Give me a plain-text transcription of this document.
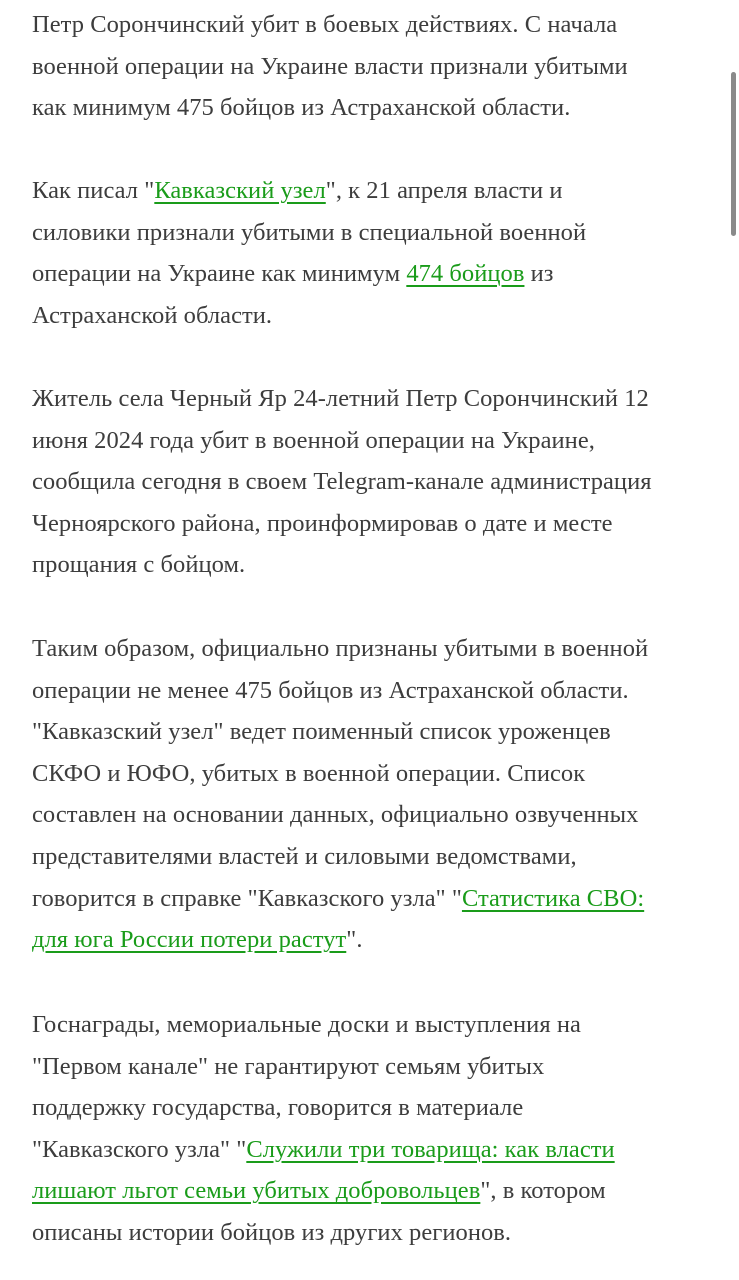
Петр Сорончинский убит в боевых действиях. С начала
военной операции на Украине власти признали убитыми
как минимум 475 бойцов из Астраханской области.

Как писал "Кавказский узел", к 21 апреля власти и
силовики признали убитыми в специальной военной
операции на Украине как минимум 474 бойцов из
Астраханской области.

Житель села Черный Яр 24-летний Петр Сорончинский 12
июня 2024 года убит в военной операции на Украине,
сообщила сегодня в своем Telegram-канале администрация
Черноярского района, проинформировав о дате и месте
прощания с бойцом.

Таким образом, официально признаны убитыми в военной
операции не менее 475 бойцов из Астраханской области.
"Кавказский узел" ведет поименный список уроженцев
СКФО и ЮФО, убитых в военной операции. Список
составлен на основании данных, официально озвученных
представителями властей и силовыми ведомствами,
говорится в справке "Кавказского узла" "Статистика СВО:
для юга России потери растут".

Госнаграды, мемориальные доски и выступления на
"Первом канале" не гарантируют семьям убитых
поддержку государства, говорится в материале
"Кавказского узла" "Служили три товарища: как власти
лишают льгот семьи убитых добровольцев", в котором
описаны истории бойцов из других регионов.
